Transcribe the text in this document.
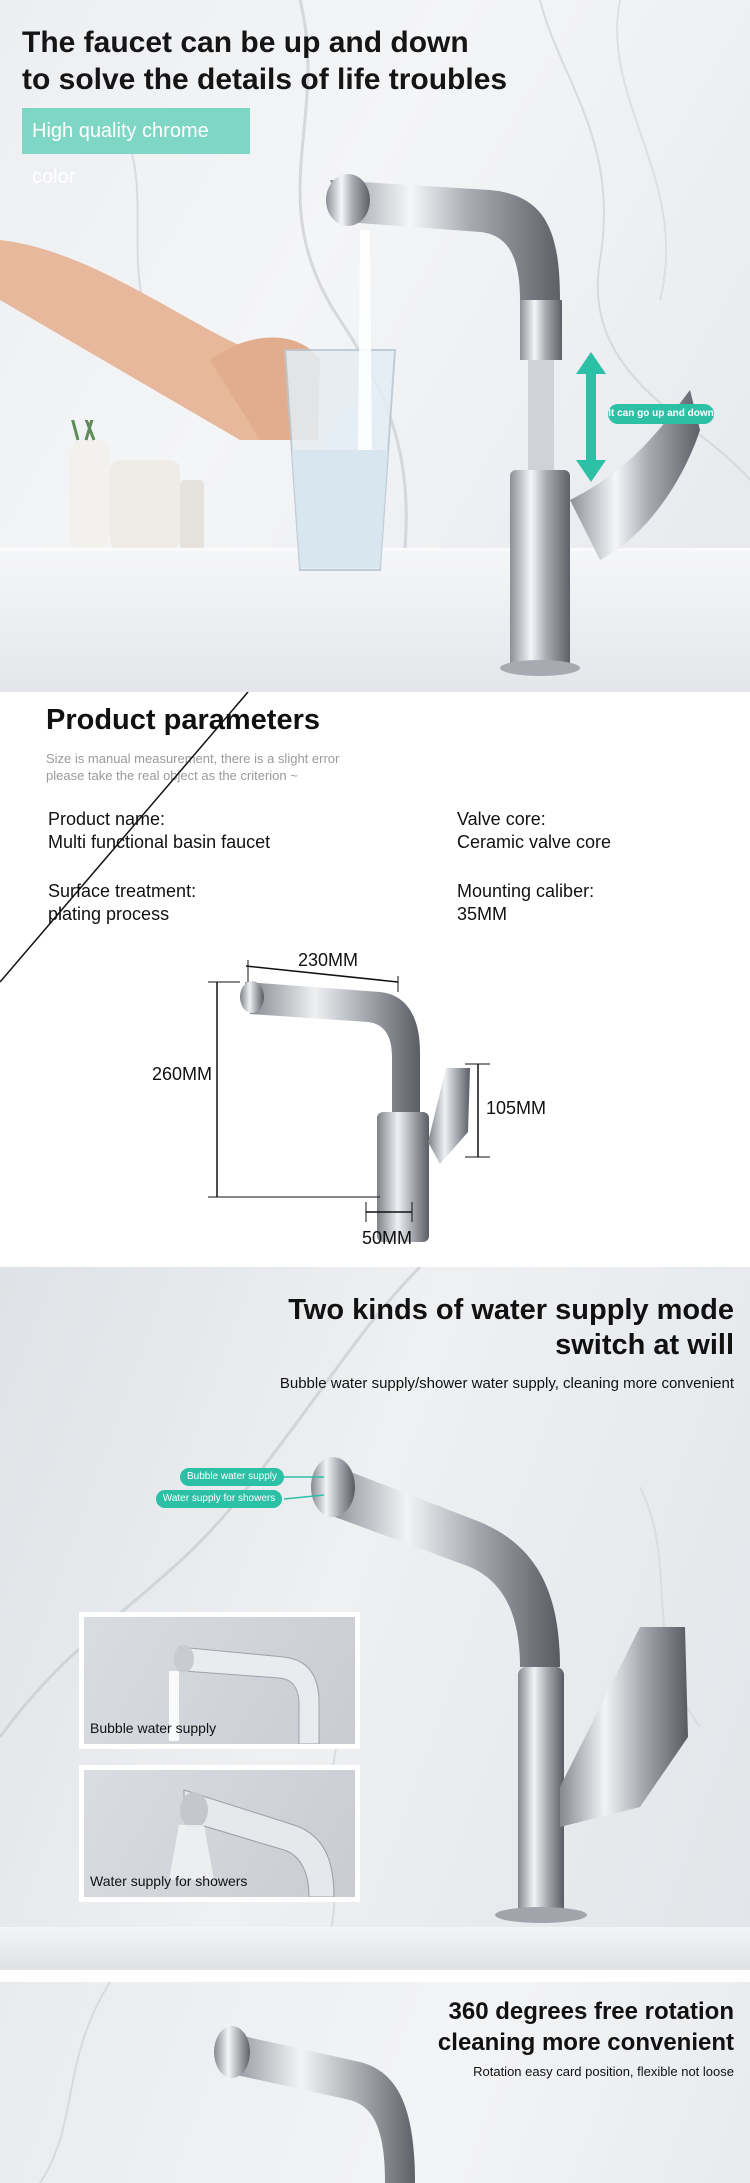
It can go up and down
The faucet can be up and down
to solve the details of life troubles
High quality chrome color
Product parameters
Size is manual measurement, there is a slight error
please take the real object as the criterion ~
Product name:
Multi functional basin faucet
Valve core:
Ceramic valve core
Surface treatment:
plating process
Mounting caliber:
35MM
230MM
260MM
105MM
50MM
Two kinds of water supply mode
switch at will
Bubble water supply/shower water supply, cleaning more convenient
Bubble water supply
Water supply for showers
Bubble water supply
Water supply for showers
360 degrees free rotation
cleaning more convenient
Rotation easy card position, flexible not loose
